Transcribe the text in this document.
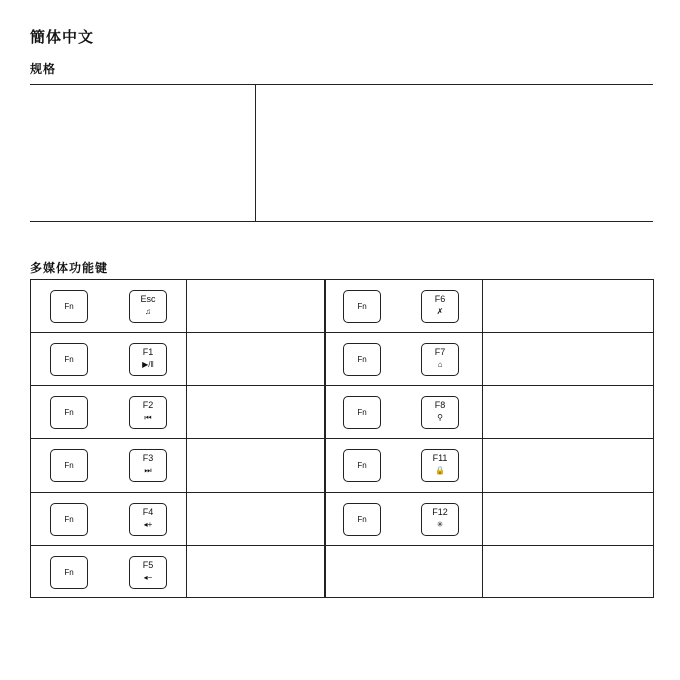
簡体中文
规格
多媒体功能键
Fn
Esc
♫
Fn
F1
▶/‖
Fn
F2
⏮
Fn
F3
⏭
Fn
F4
◂+
Fn
F5
◂−
Fn
F6
✗
Fn
F7
⌂
Fn
F8
⚲
Fn
F11
🔒
Fn
F12
✳
